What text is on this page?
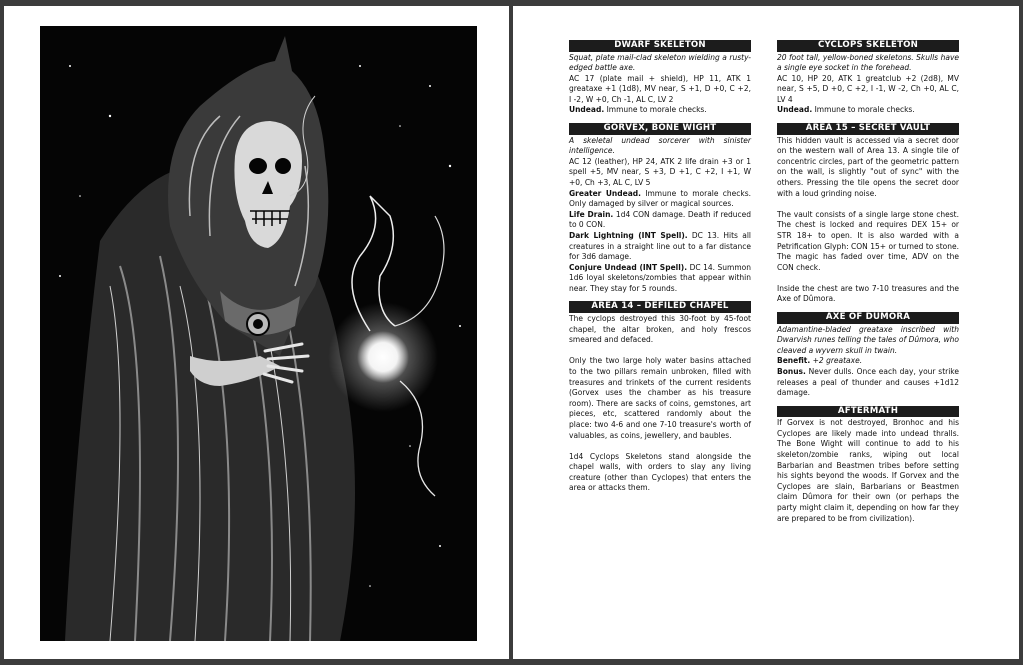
DWARF SKELETON

Squat, plate mail-clad skeleton wielding a rusty-edged battle axe.

AC 17 (plate mail + shield), HP 11, ATK 1 greataxe +1 (1d8), MV near, S +1, D +0, C +2, I -2, W +0, Ch -1, AL C, LV 2

Undead. Immune to morale checks.

GORVEX, BONE WIGHT

A skeletal undead sorcerer with sinister intelligence.

AC 12 (leather), HP 24, ATK 2 life drain +3 or 1 spell +5, MV near, S +3, D +1, C +2, I +1, W +0, Ch +3, AL C, LV 5

Greater Undead. Immune to morale checks. Only damaged by silver or magical sources.

Life Drain. 1d4 CON damage. Death if reduced to 0 CON.

Dark Lightning (INT Spell). DC 13. Hits all creatures in a straight line out to a far distance for 3d6 damage.

Conjure Undead (INT Spell). DC 14. Summon 1d6 loyal skeletons/zombies that appear within near. They stay for 5 rounds.

AREA 14 – DEFILED CHAPEL

The cyclops destroyed this 30-foot by 45-foot chapel, the altar broken, and holy frescos smeared and defaced.

Only the two large holy water basins attached to the two pillars remain unbroken, filled with treasures and trinkets of the current residents (Gorvex uses the chamber as his treasure room). There are sacks of coins, gemstones, art pieces, etc, scattered randomly about the place: two 4-6 and one 7-10 treasure's worth of valuables, as coins, jewellery, and baubles.

1d4 Cyclops Skeletons stand alongside the chapel walls, with orders to slay any living creature (other than Cyclopes) that enters the area or attacks them.

CYCLOPS SKELETON

20 foot tall, yellow-boned skeletons. Skulls have a single eye socket in the forehead.

AC 10, HP 20, ATK 1 greatclub +2 (2d8), MV near, S +5, D +0, C +2, I -1, W -2, Ch +0, AL C, LV 4

Undead. Immune to morale checks.

AREA 15 – SECRET VAULT

This hidden vault is accessed via a secret door on the western wall of Area 13. A single tile of concentric circles, part of the geometric pattern on the wall, is slightly "out of sync" with the others. Pressing the tile opens the secret door with a loud grinding noise.

The vault consists of a single large stone chest. The chest is locked and requires DEX 15+ or STR 18+ to open. It is also warded with a Petrification Glyph: CON 15+ or turned to stone. The magic has faded over time, ADV on the CON check.

Inside the chest are two 7-10 treasures and the Axe of Dûmora.

AXE OF DÛMORA

Adamantine-bladed greataxe inscribed with Dwarvish runes telling the tales of Dûmora, who cleaved a wyvern skull in twain.

Benefit. +2 greataxe.

Bonus. Never dulls. Once each day, your strike releases a peal of thunder and causes +1d12 damage.

AFTERMATH

If Gorvex is not destroyed, Bronhoc and his Cyclopes are likely made into undead thralls. The Bone Wight will continue to add to his skeleton/zombie ranks, wiping out local Barbarian and Beastmen tribes before setting his sights beyond the woods. If Gorvex and the Cyclopes are slain, Barbarians or Beastmen claim Dûmora for their own (or perhaps the party might claim it, depending on how far they are prepared to be from civilization).
